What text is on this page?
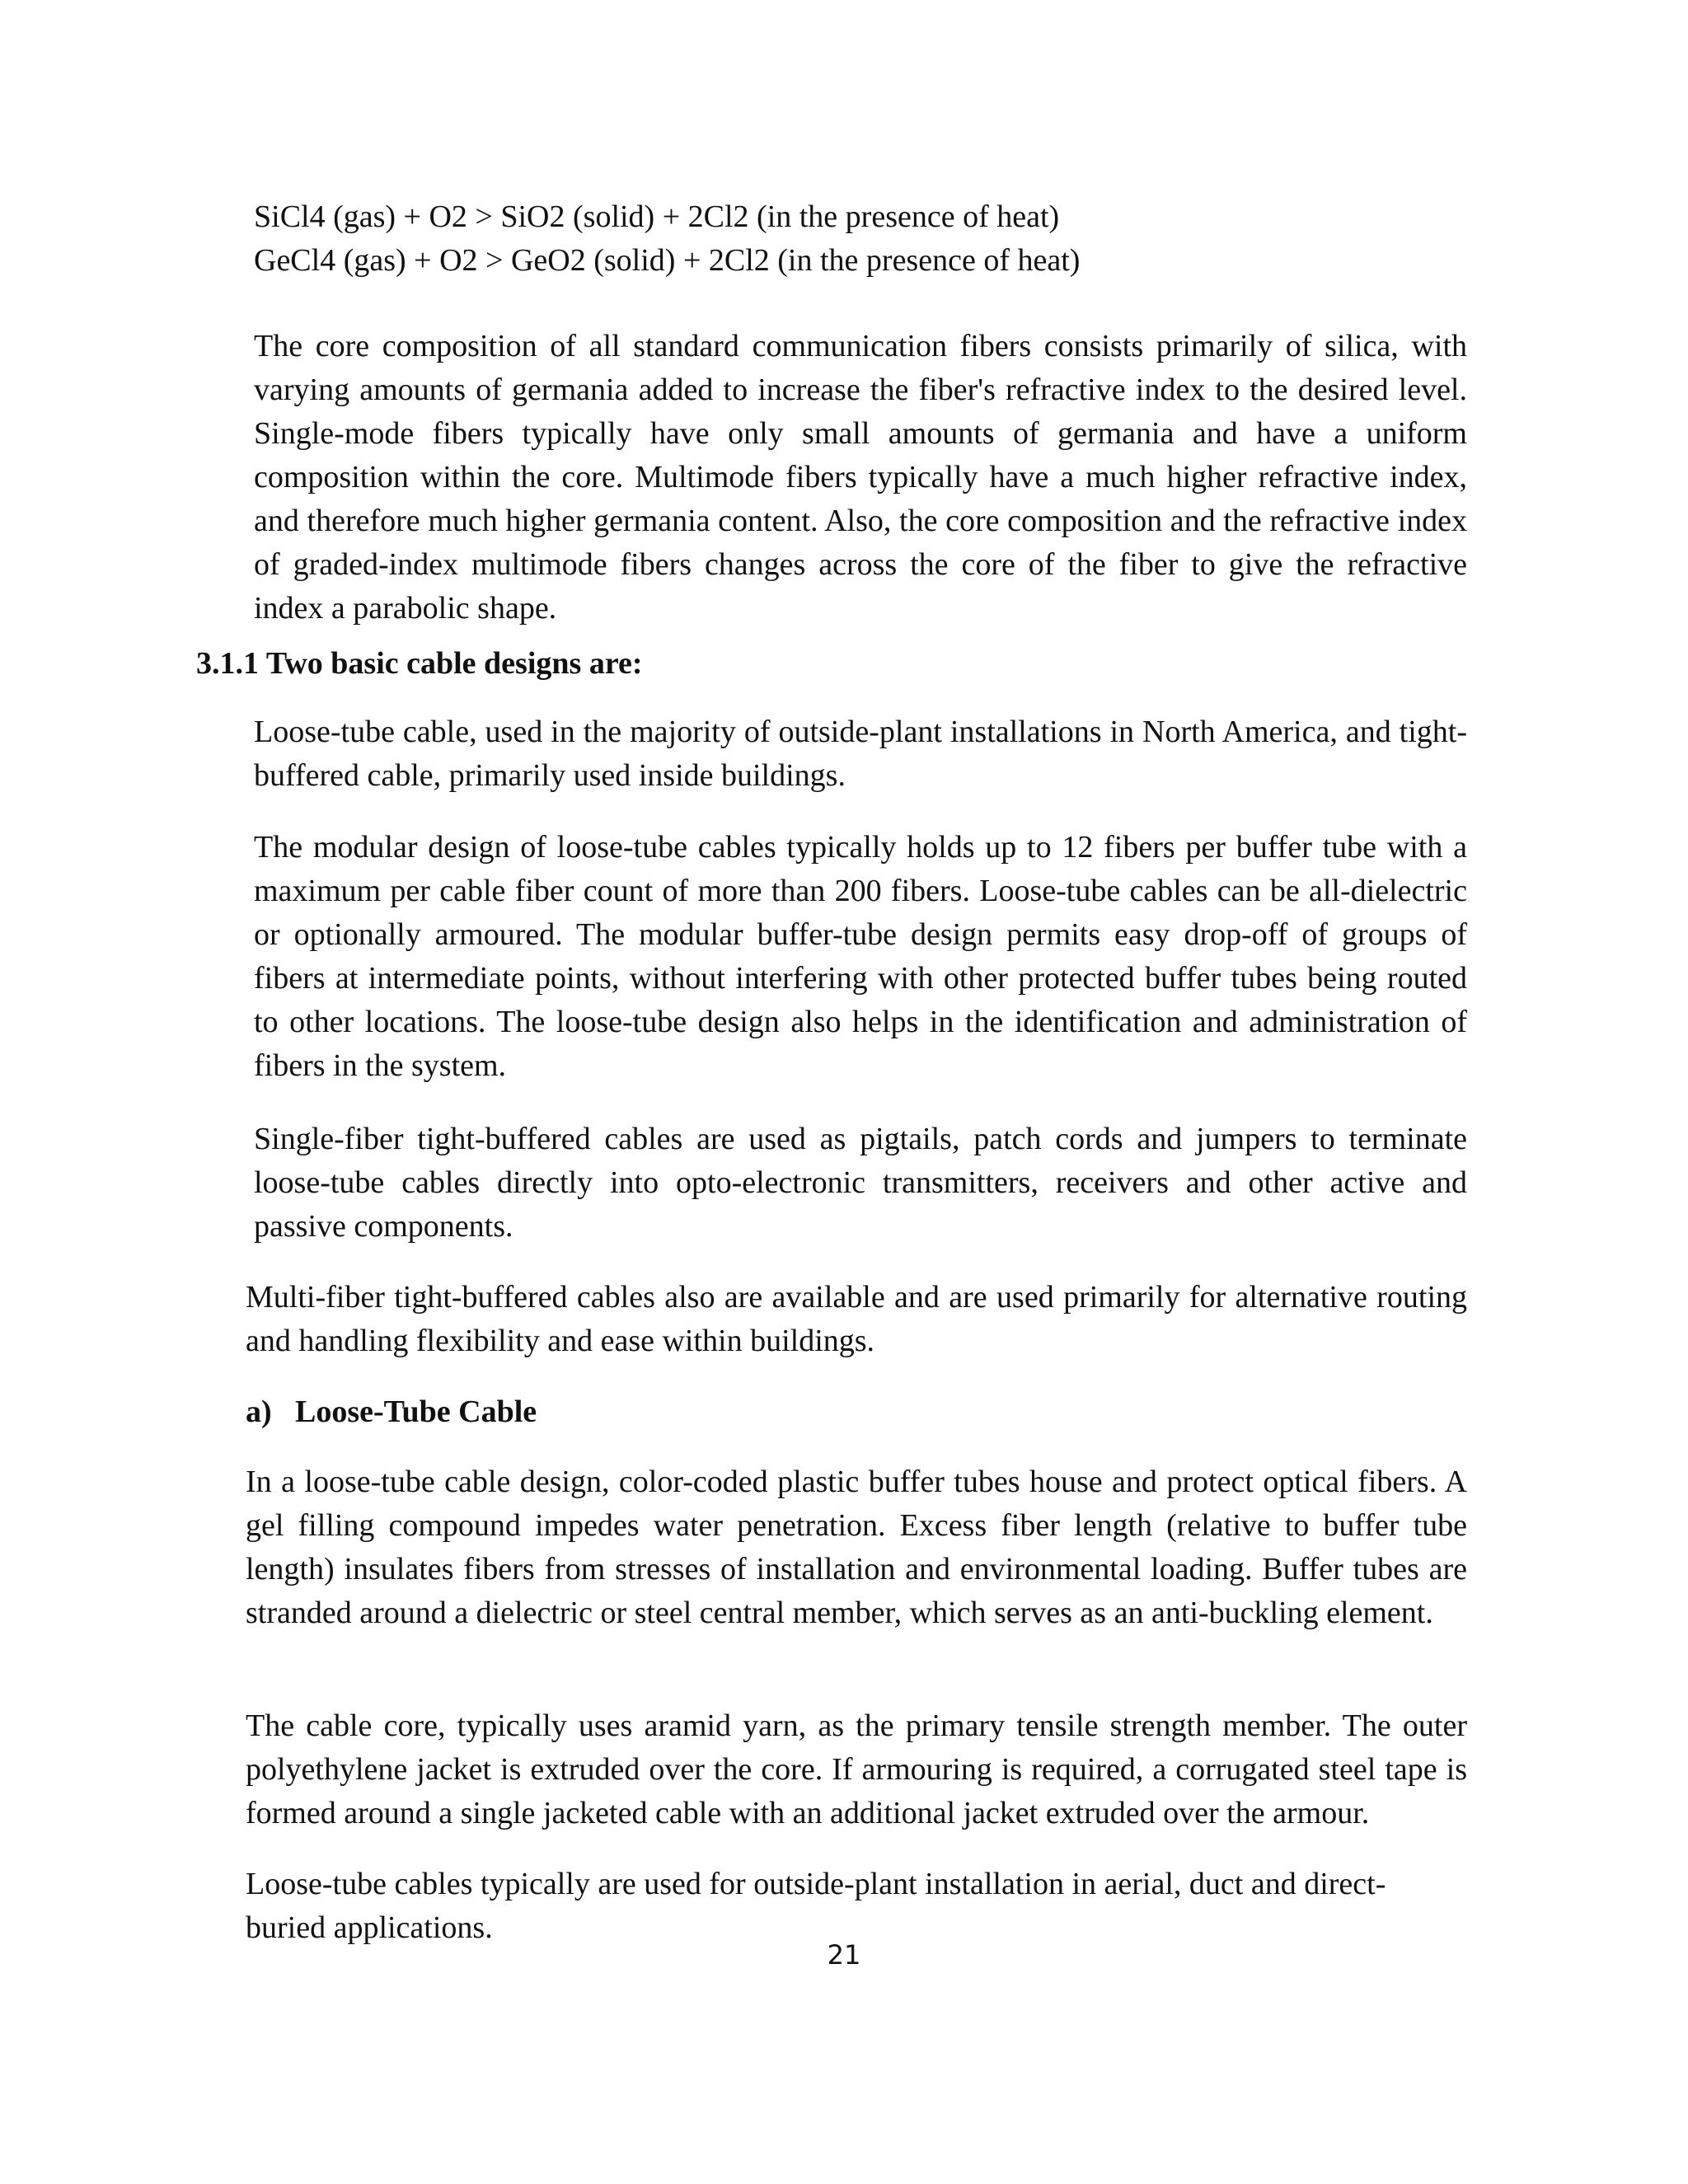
SiCl4 (gas) + O2 > SiO2 (solid) + 2Cl2 (in the presence of heat)

GeCl4 (gas) + O2 > GeO2 (solid) + 2Cl2 (in the presence of heat)

The core composition of all standard communication fibers consists primarily of silica, with varying amounts of germania added to increase the fiber's refractive index to the desired level. Single-mode fibers typically have only small amounts of germania and have a uniform composition within the core. Multimode fibers typically have a much higher refractive index, and therefore much higher germania content. Also, the core composition and the refractive index of graded-index multimode fibers changes across the core of the fiber to give the refractive index a parabolic shape.

3.1.1 Two basic cable designs are:

Loose-tube cable, used in the majority of outside-plant installations in North America, and tight-buffered cable, primarily used inside buildings.

The modular design of loose-tube cables typically holds up to 12 fibers per buffer tube with a maximum per cable fiber count of more than 200 fibers. Loose-tube cables can be all-dielectric or optionally armoured. The modular buffer-tube design permits easy drop-off of groups of fibers at intermediate points, without interfering with other protected buffer tubes being routed to other locations. The loose-tube design also helps in the identification and administration of fibers in the system.

Single-fiber tight-buffered cables are used as pigtails, patch cords and jumpers to terminate loose-tube cables directly into opto-electronic transmitters, receivers and other active and passive components.

Multi-fiber tight-buffered cables also are available and are used primarily for alternative routing and handling flexibility and ease within buildings.

a) Loose-Tube Cable

In a loose-tube cable design, color-coded plastic buffer tubes house and protect optical fibers. A gel filling compound impedes water penetration. Excess fiber length (relative to buffer tube length) insulates fibers from stresses of installation and environmental loading. Buffer tubes are stranded around a dielectric or steel central member, which serves as an anti-buckling element.

The cable core, typically uses aramid yarn, as the primary tensile strength member. The outer polyethylene jacket is extruded over the core. If armouring is required, a corrugated steel tape is formed around a single jacketed cable with an additional jacket extruded over the armour.

Loose-tube cables typically are used for outside-plant installation in aerial, duct and direct-buried applications.

21
